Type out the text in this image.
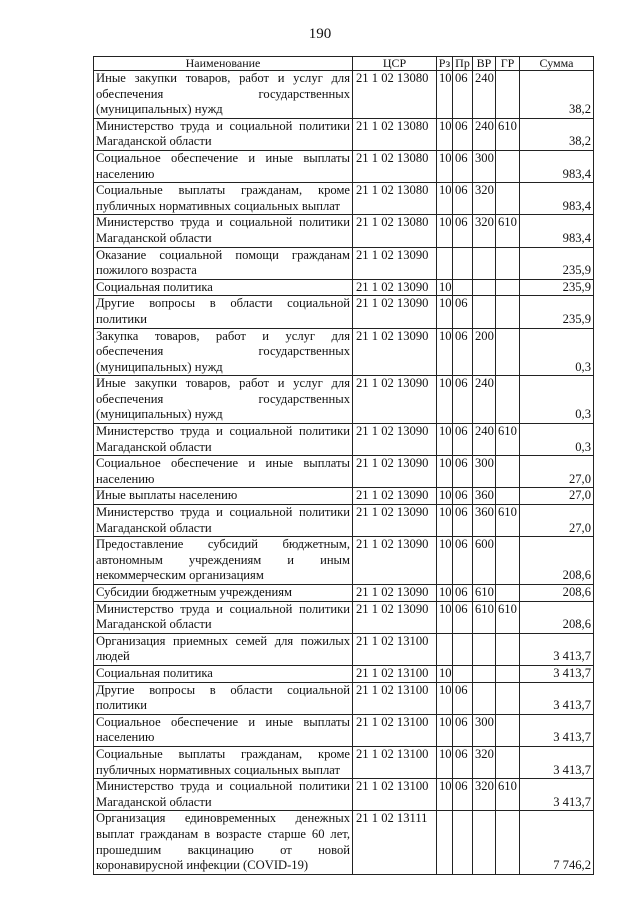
190
Наименование	ЦСР	Рз	Пр	ВР	ГР	Сумма
Иные закупки товаров, работ и услуг для обеспечения государственных (муниципальных) нужд	21 1 02 13080	10	06	240		38,2
Министерство труда и социальной политики Магаданской области	21 1 02 13080	10	06	240	610	38,2
Социальное обеспечение и иные выплаты населению	21 1 02 13080	10	06	300		983,4
Социальные выплаты гражданам, кроме публичных нормативных социальных выплат	21 1 02 13080	10	06	320		983,4
Министерство труда и социальной политики Магаданской области	21 1 02 13080	10	06	320	610	983,4
Оказание социальной помощи гражданам пожилого возраста	21 1 02 13090					235,9
Социальная политика	21 1 02 13090	10				235,9
Другие вопросы в области социальной политики	21 1 02 13090	10	06			235,9
Закупка товаров, работ и услуг для обеспечения государственных (муниципальных) нужд	21 1 02 13090	10	06	200		0,3
Иные закупки товаров, работ и услуг для обеспечения государственных (муниципальных) нужд	21 1 02 13090	10	06	240		0,3
Министерство труда и социальной политики Магаданской области	21 1 02 13090	10	06	240	610	0,3
Социальное обеспечение и иные выплаты населению	21 1 02 13090	10	06	300		27,0
Иные выплаты населению	21 1 02 13090	10	06	360		27,0
Министерство труда и социальной политики Магаданской области	21 1 02 13090	10	06	360	610	27,0
Предоставление субсидий бюджетным, автономным учреждениям и иным некоммерческим организациям	21 1 02 13090	10	06	600		208,6
Субсидии бюджетным учреждениям	21 1 02 13090	10	06	610		208,6
Министерство труда и социальной политики Магаданской области	21 1 02 13090	10	06	610	610	208,6
Организация приемных семей для пожилых людей	21 1 02 13100					3 413,7
Социальная политика	21 1 02 13100	10				3 413,7
Другие вопросы в области социальной политики	21 1 02 13100	10	06			3 413,7
Социальное обеспечение и иные выплаты населению	21 1 02 13100	10	06	300		3 413,7
Социальные выплаты гражданам, кроме публичных нормативных социальных выплат	21 1 02 13100	10	06	320		3 413,7
Министерство труда и социальной политики Магаданской области	21 1 02 13100	10	06	320	610	3 413,7
Организация единовременных денежных выплат гражданам в возрасте старше 60 лет, прошедшим вакцинацию от новой коронавирусной инфекции (COVID-19)	21 1 02 13111					7 746,2
